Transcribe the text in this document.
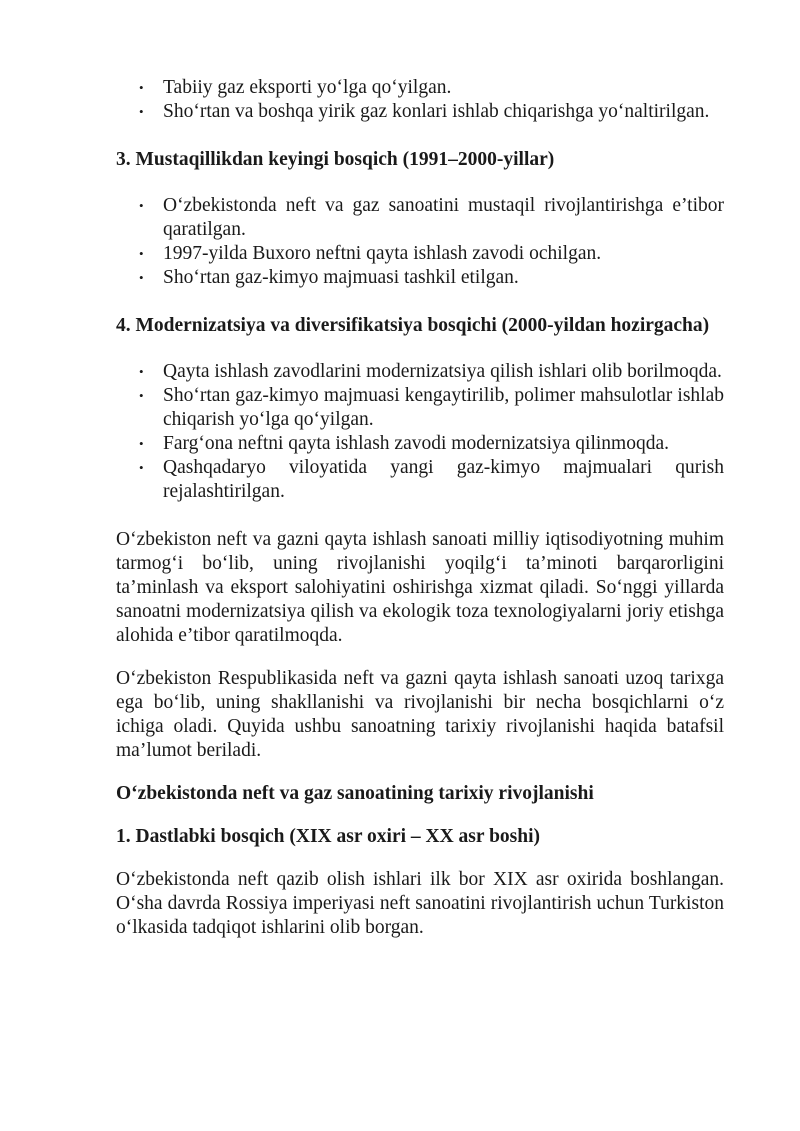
• Tabiiy gaz eksporti yo‘lga qo‘yilgan.
• Sho‘rtan va boshqa yirik gaz konlari ishlab chiqarishga yo‘naltirilgan.
3. Mustaqillikdan keyingi bosqich (1991–2000-yillar)
• O‘zbekistonda neft va gaz sanoatini mustaqil rivojlantirishga e’tibor qaratilgan.
• 1997-yilda Buxoro neftni qayta ishlash zavodi ochilgan.
• Sho‘rtan gaz-kimyo majmuasi tashkil etilgan.
4. Modernizatsiya va diversifikatsiya bosqichi (2000-yildan hozirgacha)
• Qayta ishlash zavodlarini modernizatsiya qilish ishlari olib borilmoqda.
• Sho‘rtan gaz-kimyo majmuasi kengaytirilib, polimer mahsulotlar ishlab chiqarish yo‘lga qo‘yilgan.
• Farg‘ona neftni qayta ishlash zavodi modernizatsiya qilinmoqda.
• Qashqadaryo viloyatida yangi gaz-kimyo majmualari qurish rejalashtirilgan.

O‘zbekiston neft va gazni qayta ishlash sanoati milliy iqtisodiyotning muhim tarmog‘i bo‘lib, uning rivojlanishi yoqilg‘i ta’minoti barqarorligini ta’minlash va eksport salohiyatini oshirishga xizmat qiladi. So‘nggi yillarda sanoatni modernizatsiya qilish va ekologik toza texnologiyalarni joriy etishga alohida e’tibor qaratilmoqda.

O‘zbekiston Respublikasida neft va gazni qayta ishlash sanoati uzoq tarixga ega bo‘lib, uning shakllanishi va rivojlanishi bir necha bosqichlarni o‘z ichiga oladi. Quyida ushbu sanoatning tarixiy rivojlanishi haqida batafsil ma’lumot beriladi.

O‘zbekistonda neft va gaz sanoatining tarixiy rivojlanishi
1. Dastlabki bosqich (XIX asr oxiri – XX asr boshi)

O‘zbekistonda neft qazib olish ishlari ilk bor XIX asr oxirida boshlangan. O‘sha davrda Rossiya imperiyasi neft sanoatini rivojlantirish uchun Turkiston o‘lkasida tadqiqot ishlarini olib borgan.
